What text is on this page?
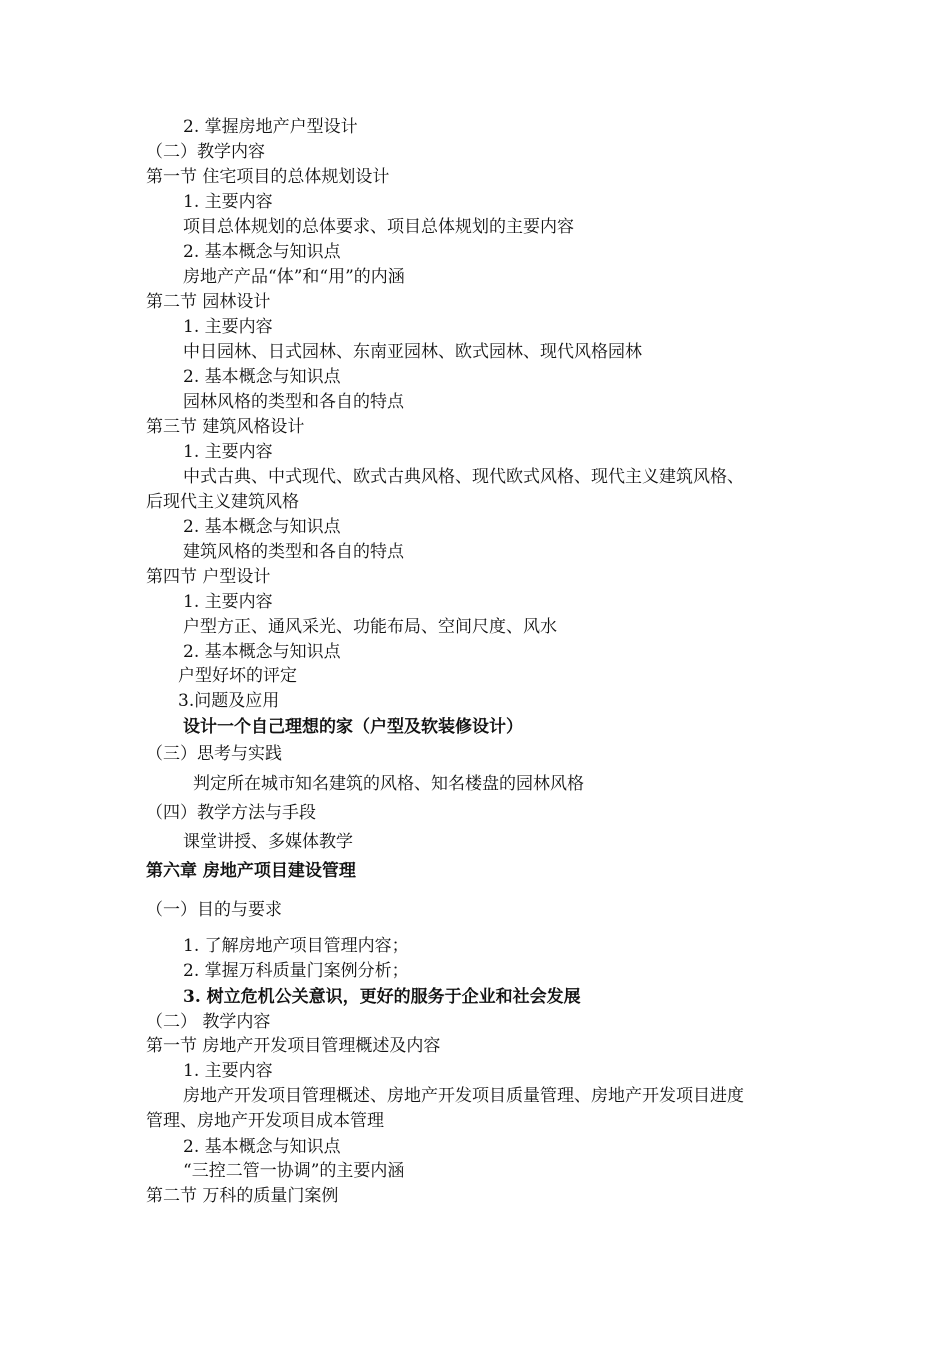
2. 掌握房地产户型设计
（二）教学内容
第一节 住宅项目的总体规划设计
1. 主要内容
项目总体规划的总体要求、项目总体规划的主要内容
2. 基本概念与知识点
房地产产品“体”和“用”的内涵
第二节 园林设计
1. 主要内容
中日园林、日式园林、东南亚园林、欧式园林、现代风格园林
2. 基本概念与知识点
园林风格的类型和各自的特点
第三节 建筑风格设计
1. 主要内容
中式古典、中式现代、欧式古典风格、现代欧式风格、现代主义建筑风格、
后现代主义建筑风格
2. 基本概念与知识点
建筑风格的类型和各自的特点
第四节 户型设计
1. 主要内容
户型方正、通风采光、功能布局、空间尺度、风水
2. 基本概念与知识点
户型好坏的评定
3.问题及应用
设计一个自己理想的家（户型及软装修设计）
（三）思考与实践
判定所在城市知名建筑的风格、知名楼盘的园林风格
（四）教学方法与手段
课堂讲授、多媒体教学
第六章 房地产项目建设管理
（一）目的与要求
1. 了解房地产项目管理内容；
2. 掌握万科质量门案例分析；
3. 树立危机公关意识，更好的服务于企业和社会发展
（二） 教学内容
第一节 房地产开发项目管理概述及内容
1. 主要内容
房地产开发项目管理概述、房地产开发项目质量管理、房地产开发项目进度
管理、房地产开发项目成本管理
2. 基本概念与知识点
“三控二管一协调”的主要内涵
第二节 万科的质量门案例
